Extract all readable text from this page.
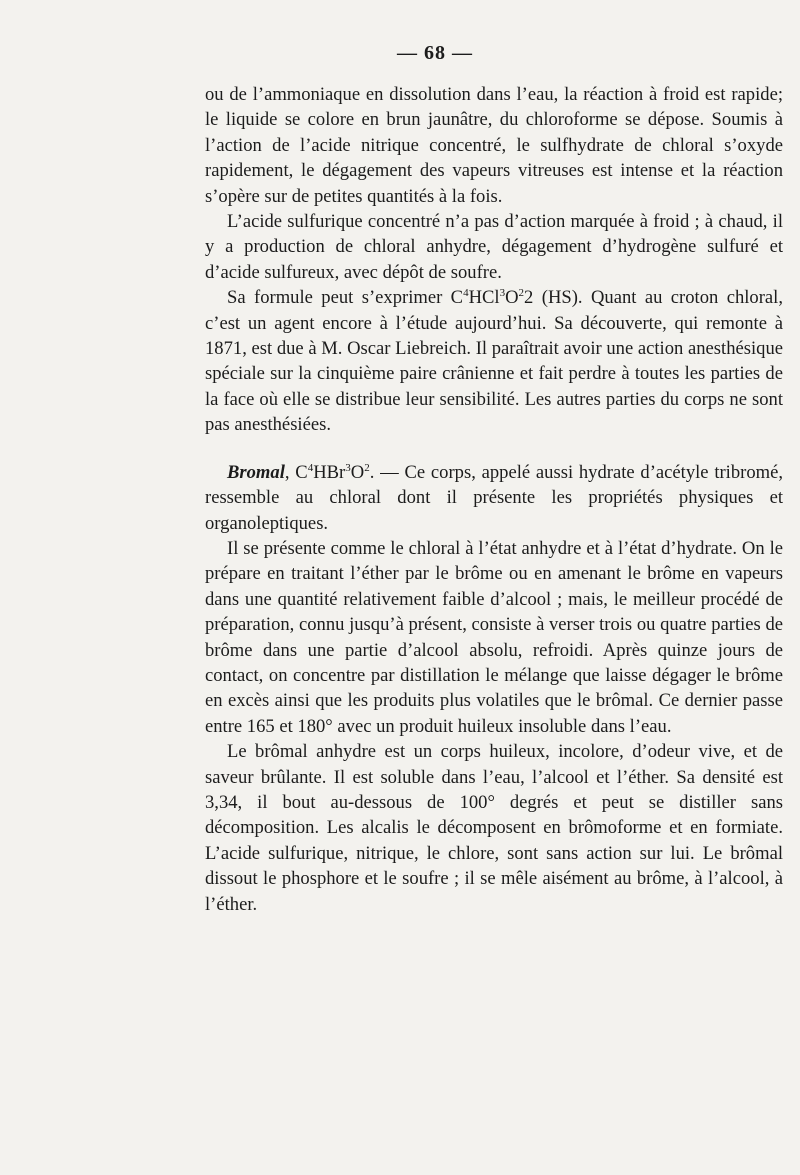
— 68 —

ou de l’ammoniaque en dissolution dans l’eau, la réaction à froid est rapide; le liquide se colore en brun jaunâtre, du chloroforme se dépose. Soumis à l’action de l’acide nitrique concentré, le sulfhydrate de chloral s’oxyde rapidement, le dégagement des vapeurs vitreuses est intense et la réaction s’opère sur de petites quantités à la fois.

L’acide sulfurique concentré n’a pas d’action marquée à froid ; à chaud, il y a production de chloral anhydre, dégagement d’hydrogène sulfuré et d’acide sulfureux, avec dépôt de soufre.

Sa formule peut s’exprimer $C^4HCl^3O^22$ (HS). Quant au croton chloral, c’est un agent encore à l’étude aujourd’hui. Sa découverte, qui remonte à 1871, est due à M. Oscar Liebreich. Il paraîtrait avoir une action anesthésique spéciale sur la cinquième paire crânienne et fait perdre à toutes les parties de la face où elle se distribue leur sensibilité. Les autres parties du corps ne sont pas anesthésiées.

Bromal, $C^4HBr^3O^2$. — Ce corps, appelé aussi hydrate d’acétyle tribromé, ressemble au chloral dont il présente les propriétés physiques et organoleptiques.

Il se présente comme le chloral à l’état anhydre et à l’état d’hydrate. On le prépare en traitant l’éther par le brôme ou en amenant le brôme en vapeurs dans une quantité relativement faible d’alcool ; mais, le meilleur procédé de préparation, connu jusqu’à présent, consiste à verser trois ou quatre parties de brôme dans une partie d’alcool absolu, refroidi. Après quinze jours de contact, on concentre par distillation le mélange que laisse dégager le brôme en excès ainsi que les produits plus volatiles que le brômal. Ce dernier passe entre 165 et 180° avec un produit huileux insoluble dans l’eau.

Le brômal anhydre est un corps huileux, incolore, d’odeur vive, et de saveur brûlante. Il est soluble dans l’eau, l’alcool et l’éther. Sa densité est 3,34, il bout au-dessous de 100° degrés et peut se distiller sans décomposition. Les alcalis le décomposent en brômoforme et en formiate. L’acide sulfurique, nitrique, le chlore, sont sans action sur lui. Le brômal dissout le phosphore et le soufre ; il se mêle aisément au brôme, à l’alcool, à l’éther.
